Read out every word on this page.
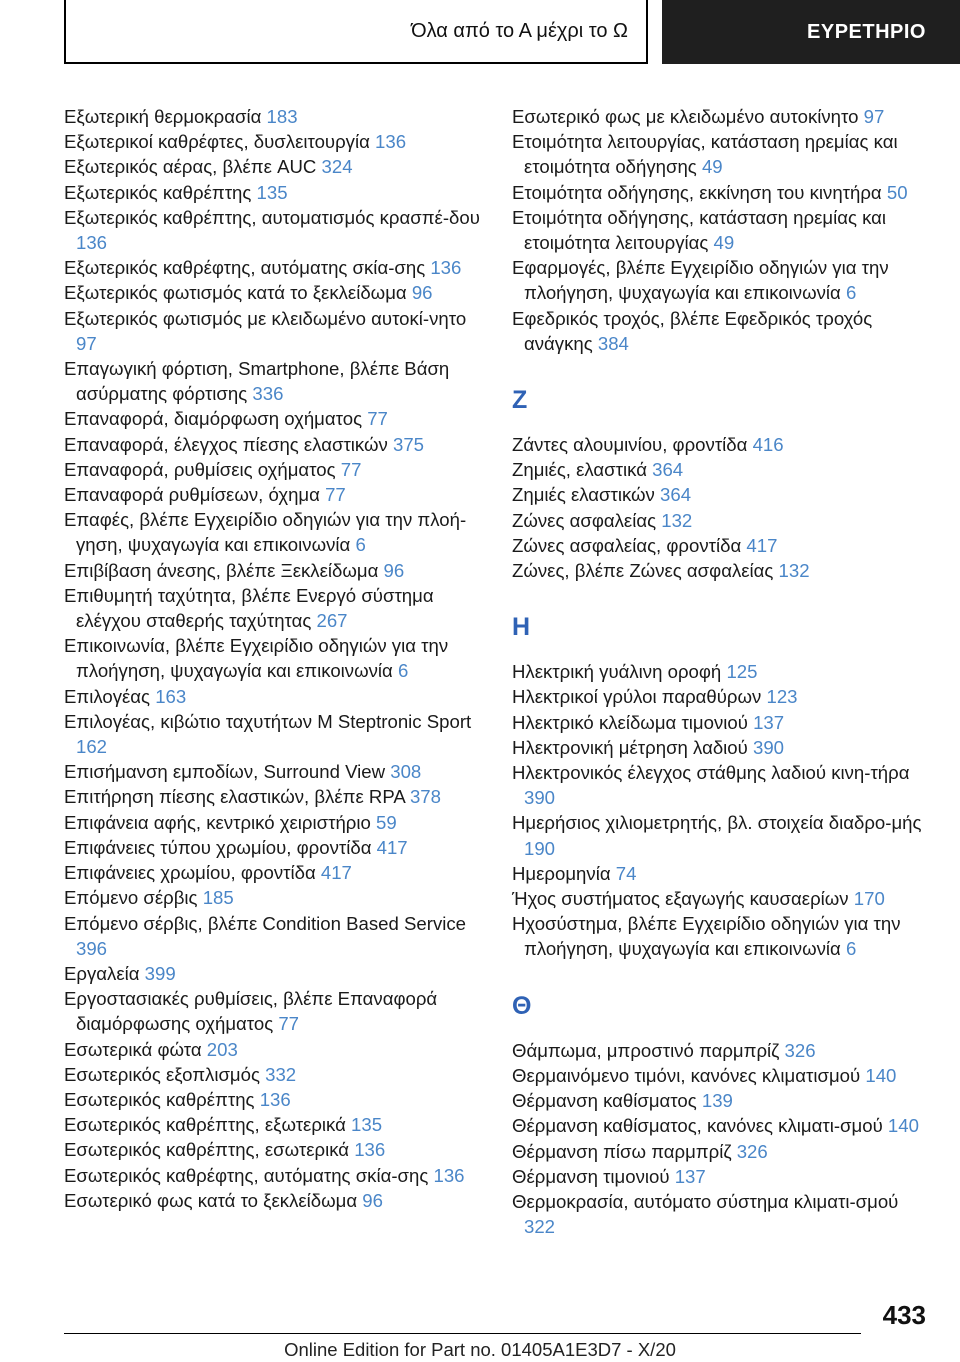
Όλα από το Α μέχρι το Ω	ΕΥΡΕΤΗΡΙΟ
Εξωτερική θερμοκρασία 183
Εξωτερικοί καθρέφτες, δυσλειτουργία 136
Εξωτερικός αέρας, βλέπε AUC 324
Εξωτερικός καθρέπτης 135
Εξωτερικός καθρέπτης, αυτοματισμός κρασπέ-δου 136
Εξωτερικός καθρέφτης, αυτόματης σκία-σης 136
Εξωτερικός φωτισμός κατά το ξεκλείδωμα 96
Εξωτερικός φωτισμός με κλειδωμένο αυτοκί-νητο 97
Επαγωγική φόρτιση, Smartphone, βλέπε Βάση ασύρματης φόρτισης 336
Επαναφορά, διαμόρφωση οχήματος 77
Επαναφορά, έλεγχος πίεσης ελαστικών 375
Επαναφορά, ρυθμίσεις οχήματος 77
Επαναφορά ρυθμίσεων, όχημα 77
Επαφές, βλέπε Εγχειρίδιο οδηγιών για την πλοή-γηση, ψυχαγωγία και επικοινωνία 6
Επιβίβαση άνεσης, βλέπε Ξεκλείδωμα 96
Επιθυμητή ταχύτητα, βλέπε Ενεργό σύστημα ελέγχου σταθερής ταχύτητας 267
Επικοινωνία, βλέπε Εγχειρίδιο οδηγιών για την πλοήγηση, ψυχαγωγία και επικοινωνία 6
Επιλογέας 163
Επιλογέας, κιβώτιο ταχυτήτων M Steptronic Sport 162
Επισήμανση εμποδίων, Surround View 308
Επιτήρηση πίεσης ελαστικών, βλέπε RPA 378
Επιφάνεια αφής, κεντρικό χειριστήριο 59
Επιφάνειες τύπου χρωμίου, φροντίδα 417
Επιφάνειες χρωμίου, φροντίδα 417
Επόμενο σέρβις 185
Επόμενο σέρβις, βλέπε Condition Based Service 396
Εργαλεία 399
Εργοστασιακές ρυθμίσεις, βλέπε Επαναφορά διαμόρφωσης οχήματος 77
Εσωτερικά φώτα 203
Εσωτερικός εξοπλισμός 332
Εσωτερικός καθρέπτης 136
Εσωτερικός καθρέπτης, εξωτερικά 135
Εσωτερικός καθρέπτης, εσωτερικά 136
Εσωτερικός καθρέφτης, αυτόματης σκία-σης 136
Εσωτερικό φως κατά το ξεκλείδωμα 96
Εσωτερικό φως με κλειδωμένο αυτοκίνητο 97
Ετοιμότητα λειτουργίας, κατάσταση ηρεμίας και ετοιμότητα οδήγησης 49
Ετοιμότητα οδήγησης, εκκίνηση του κινητήρα 50
Ετοιμότητα οδήγησης, κατάσταση ηρεμίας και ετοιμότητα λειτουργίας 49
Εφαρμογές, βλέπε Εγχειρίδιο οδηγιών για την πλοήγηση, ψυχαγωγία και επικοινωνία 6
Εφεδρικός τροχός, βλέπε Εφεδρικός τροχός ανάγκης 384
Ζ
Ζάντες αλουμινίου, φροντίδα 416
Ζημιές, ελαστικά 364
Ζημιές ελαστικών 364
Ζώνες ασφαλείας 132
Ζώνες ασφαλείας, φροντίδα 417
Ζώνες, βλέπε Ζώνες ασφαλείας 132
Η
Ηλεκτρική γυάλινη οροφή 125
Ηλεκτρικοί γρύλοι παραθύρων 123
Ηλεκτρικό κλείδωμα τιμονιού 137
Ηλεκτρονική μέτρηση λαδιού 390
Ηλεκτρονικός έλεγχος στάθμης λαδιού κινη-τήρα 390
Ημερήσιος χιλιομετρητής, βλ. στοιχεία διαδρο-μής 190
Ημερομηνία 74
Ήχος συστήματος εξαγωγής καυσαερίων 170
Ηχοσύστημα, βλέπε Εγχειρίδιο οδηγιών για την πλοήγηση, ψυχαγωγία και επικοινωνία 6
Θ
Θάμπωμα, μπροστινό παρμπρίζ 326
Θερμαινόμενο τιμόνι, κανόνες κλιματισμού 140
Θέρμανση καθίσματος 139
Θέρμανση καθίσματος, κανόνες κλιματι-σμού 140
Θέρμανση πίσω παρμπρίζ 326
Θέρμανση τιμονιού 137
Θερμοκρασία, αυτόματο σύστημα κλιματι-σμού 322
433
Online Edition for Part no. 01405A1E3D7 - X/20
